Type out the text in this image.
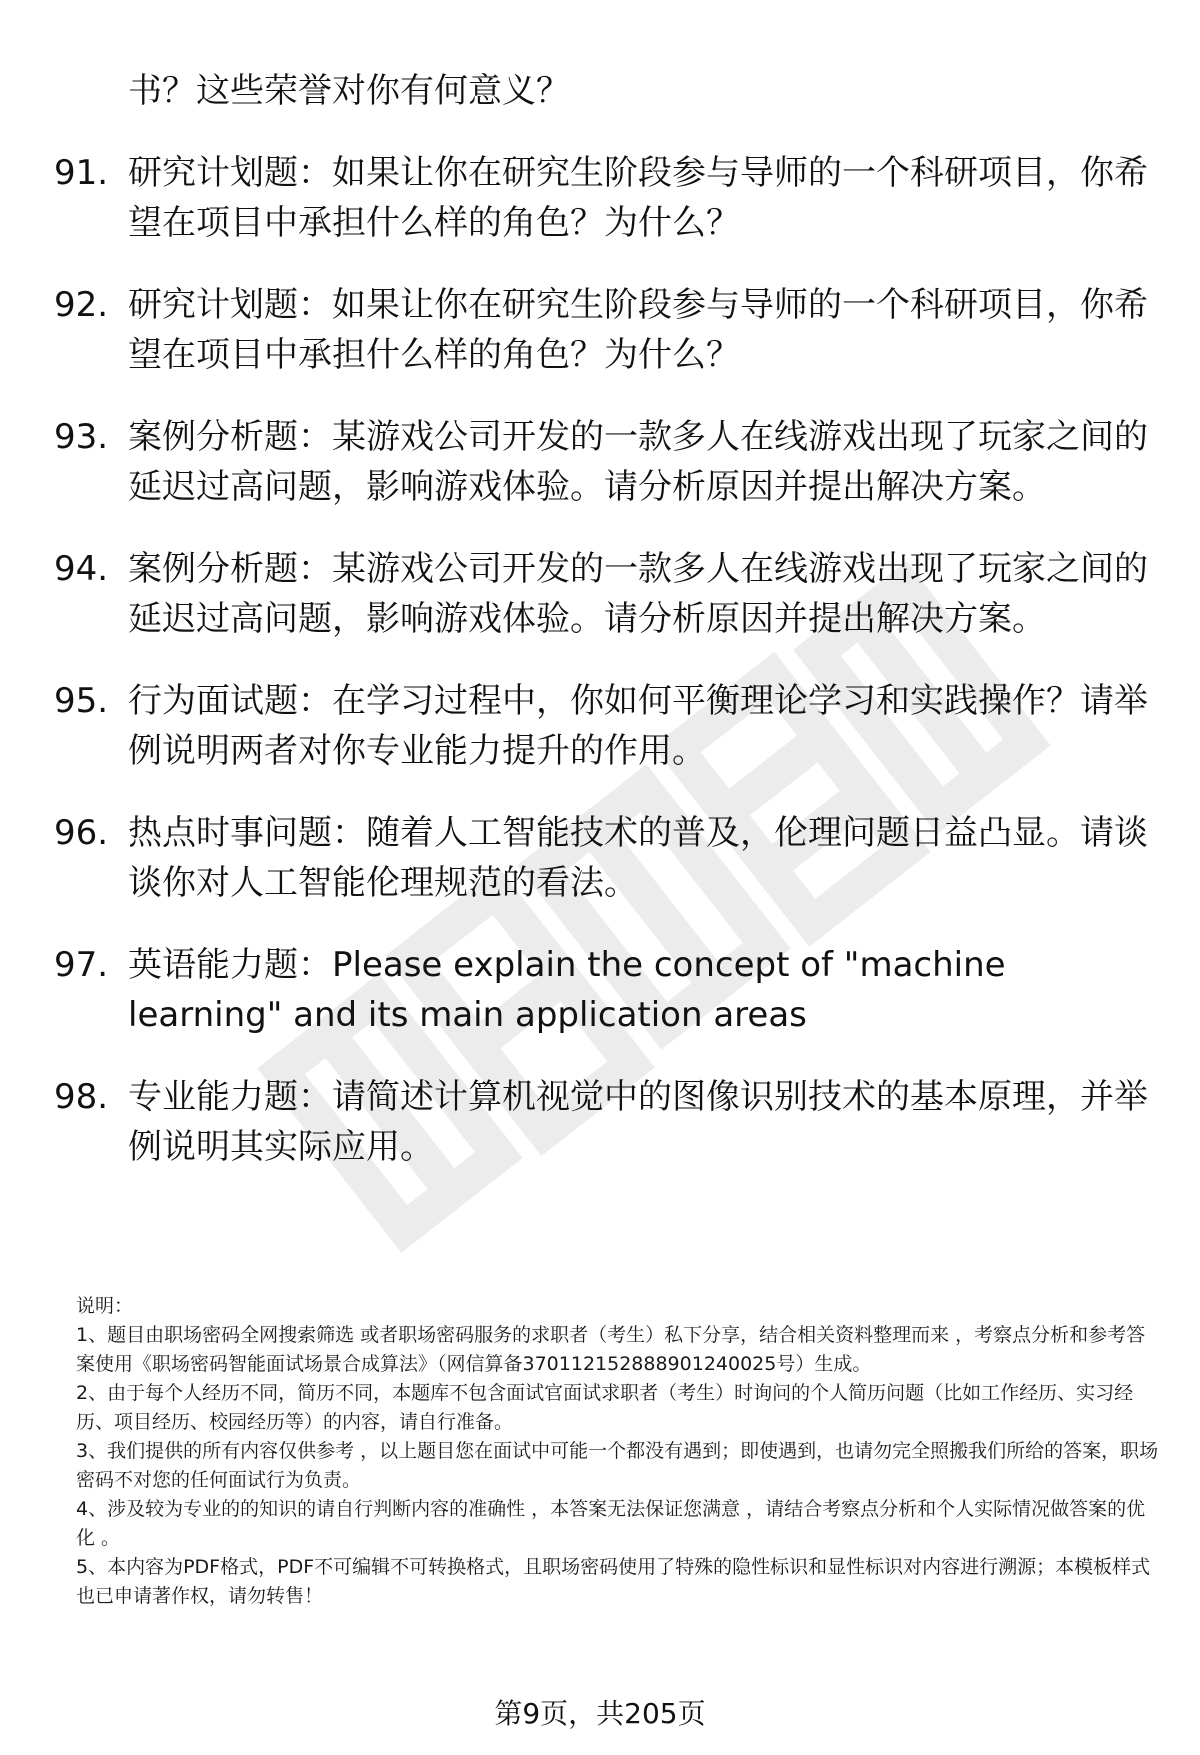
书？这些荣誉对你有何意义？
91. 研究计划题：如果让你在研究生阶段参与导师的一个科研项目，你希望在项目中承担什么样的角色？为什么？
92. 研究计划题：如果让你在研究生阶段参与导师的一个科研项目，你希望在项目中承担什么样的角色？为什么？
93. 案例分析题：某游戏公司开发的一款多人在线游戏出现了玩家之间的延迟过高问题，影响游戏体验。请分析原因并提出解决方案。
94. 案例分析题：某游戏公司开发的一款多人在线游戏出现了玩家之间的延迟过高问题，影响游戏体验。请分析原因并提出解决方案。
95. 行为面试题：在学习过程中，你如何平衡理论学习和实践操作？请举例说明两者对你专业能力提升的作用。
96. 热点时事问题：随着人工智能技术的普及，伦理问题日益凸显。请谈谈你对人工智能伦理规范的看法。
97. 英语能力题：Please explain the concept of "machine learning" and its main application areas
98. 专业能力题：请简述计算机视觉中的图像识别技术的基本原理，并举例说明其实际应用。

说明：

1、题目由职场密码全网搜索筛选 或者职场密码服务的求职者（考生）私下分享，结合相关资料整理而来 ，考察点分析和参考答案使用《职场密码智能面试场景合成算法》（网信算备370112152888901240025号）生成。

2、由于每个人经历不同，简历不同，本题库不包含面试官面试求职者（考生）时询问的个人简历问题（比如工作经历、实习经历、项目经历、校园经历等）的内容，请自行准备。

3、我们提供的所有内容仅供参考 ，以上题目您在面试中可能一个都没有遇到；即使遇到，也请勿完全照搬我们所给的答案，职场密码不对您的任何面试行为负责。

4、涉及较为专业的的知识的请自行判断内容的准确性 ，本答案无法保证您满意 ，请结合考察点分析和个人实际情况做答案的优化 。

5、本内容为PDF格式，PDF不可编辑不可转换格式，且职场密码使用了特殊的隐性标识和显性标识对内容进行溯源；本模板样式也已申请著作权，请勿转售！

第9页，共205页
